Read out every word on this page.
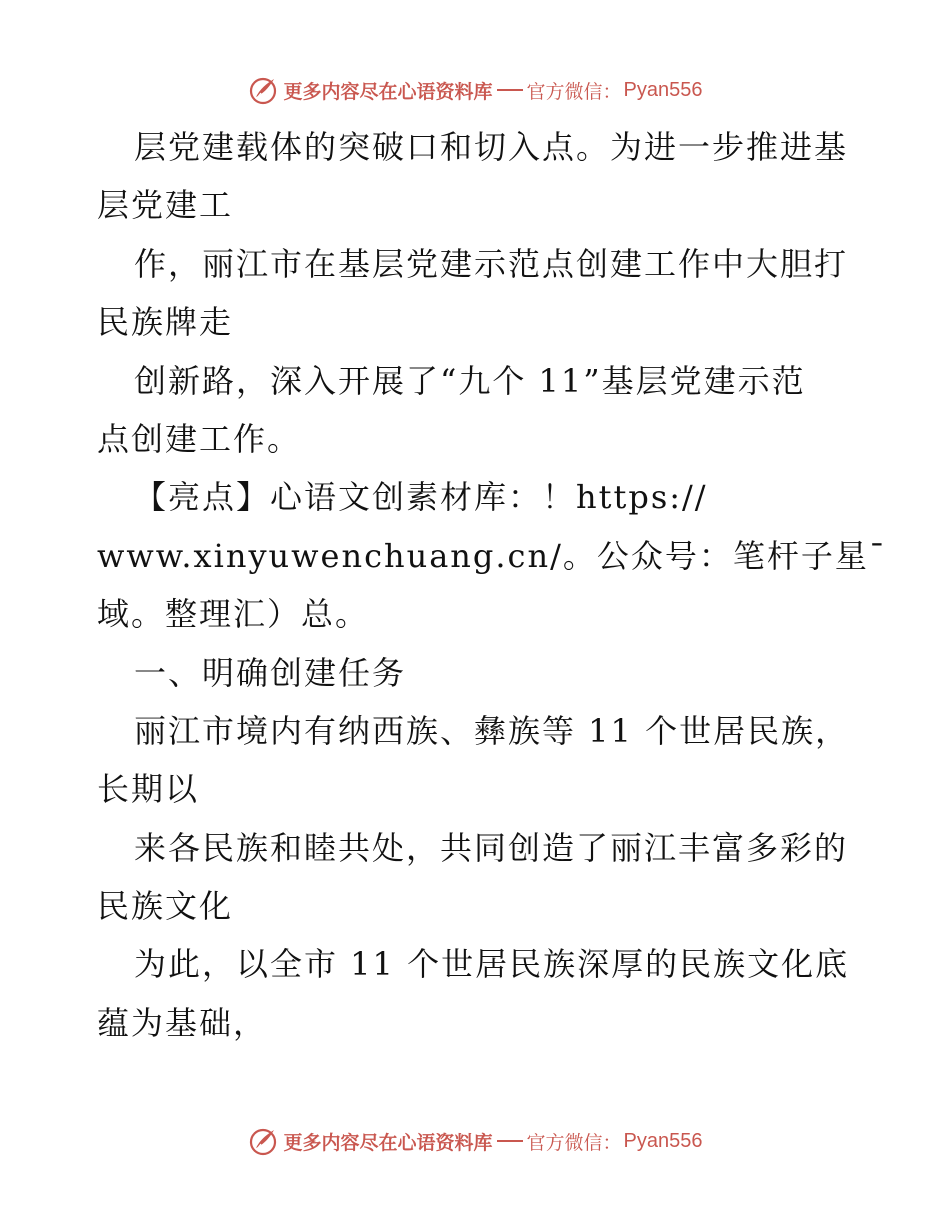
更多内容尽在心语资料库 官方微信： Pyan556
层党建载体的突破口和切入点。为进一步推进基
层党建工
作，丽江市在基层党建示范点创建工作中大胆打
民族牌走
创新路，深入开展了“九个 11”基层党建示范
点创建工作。
【亮点】心语文创素材库：！https://
www.xinyuwenchuang.cn/。公众号：笔杆子星¯
域。整理汇）总。
一、明确创建任务
丽江市境内有纳西族、彝族等 11 个世居民族，
长期以
来各民族和睦共处，共同创造了丽江丰富多彩的
民族文化
为此，以全市 11 个世居民族深厚的民族文化底
蕴为基础，
更多内容尽在心语资料库 官方微信： Pyan556
